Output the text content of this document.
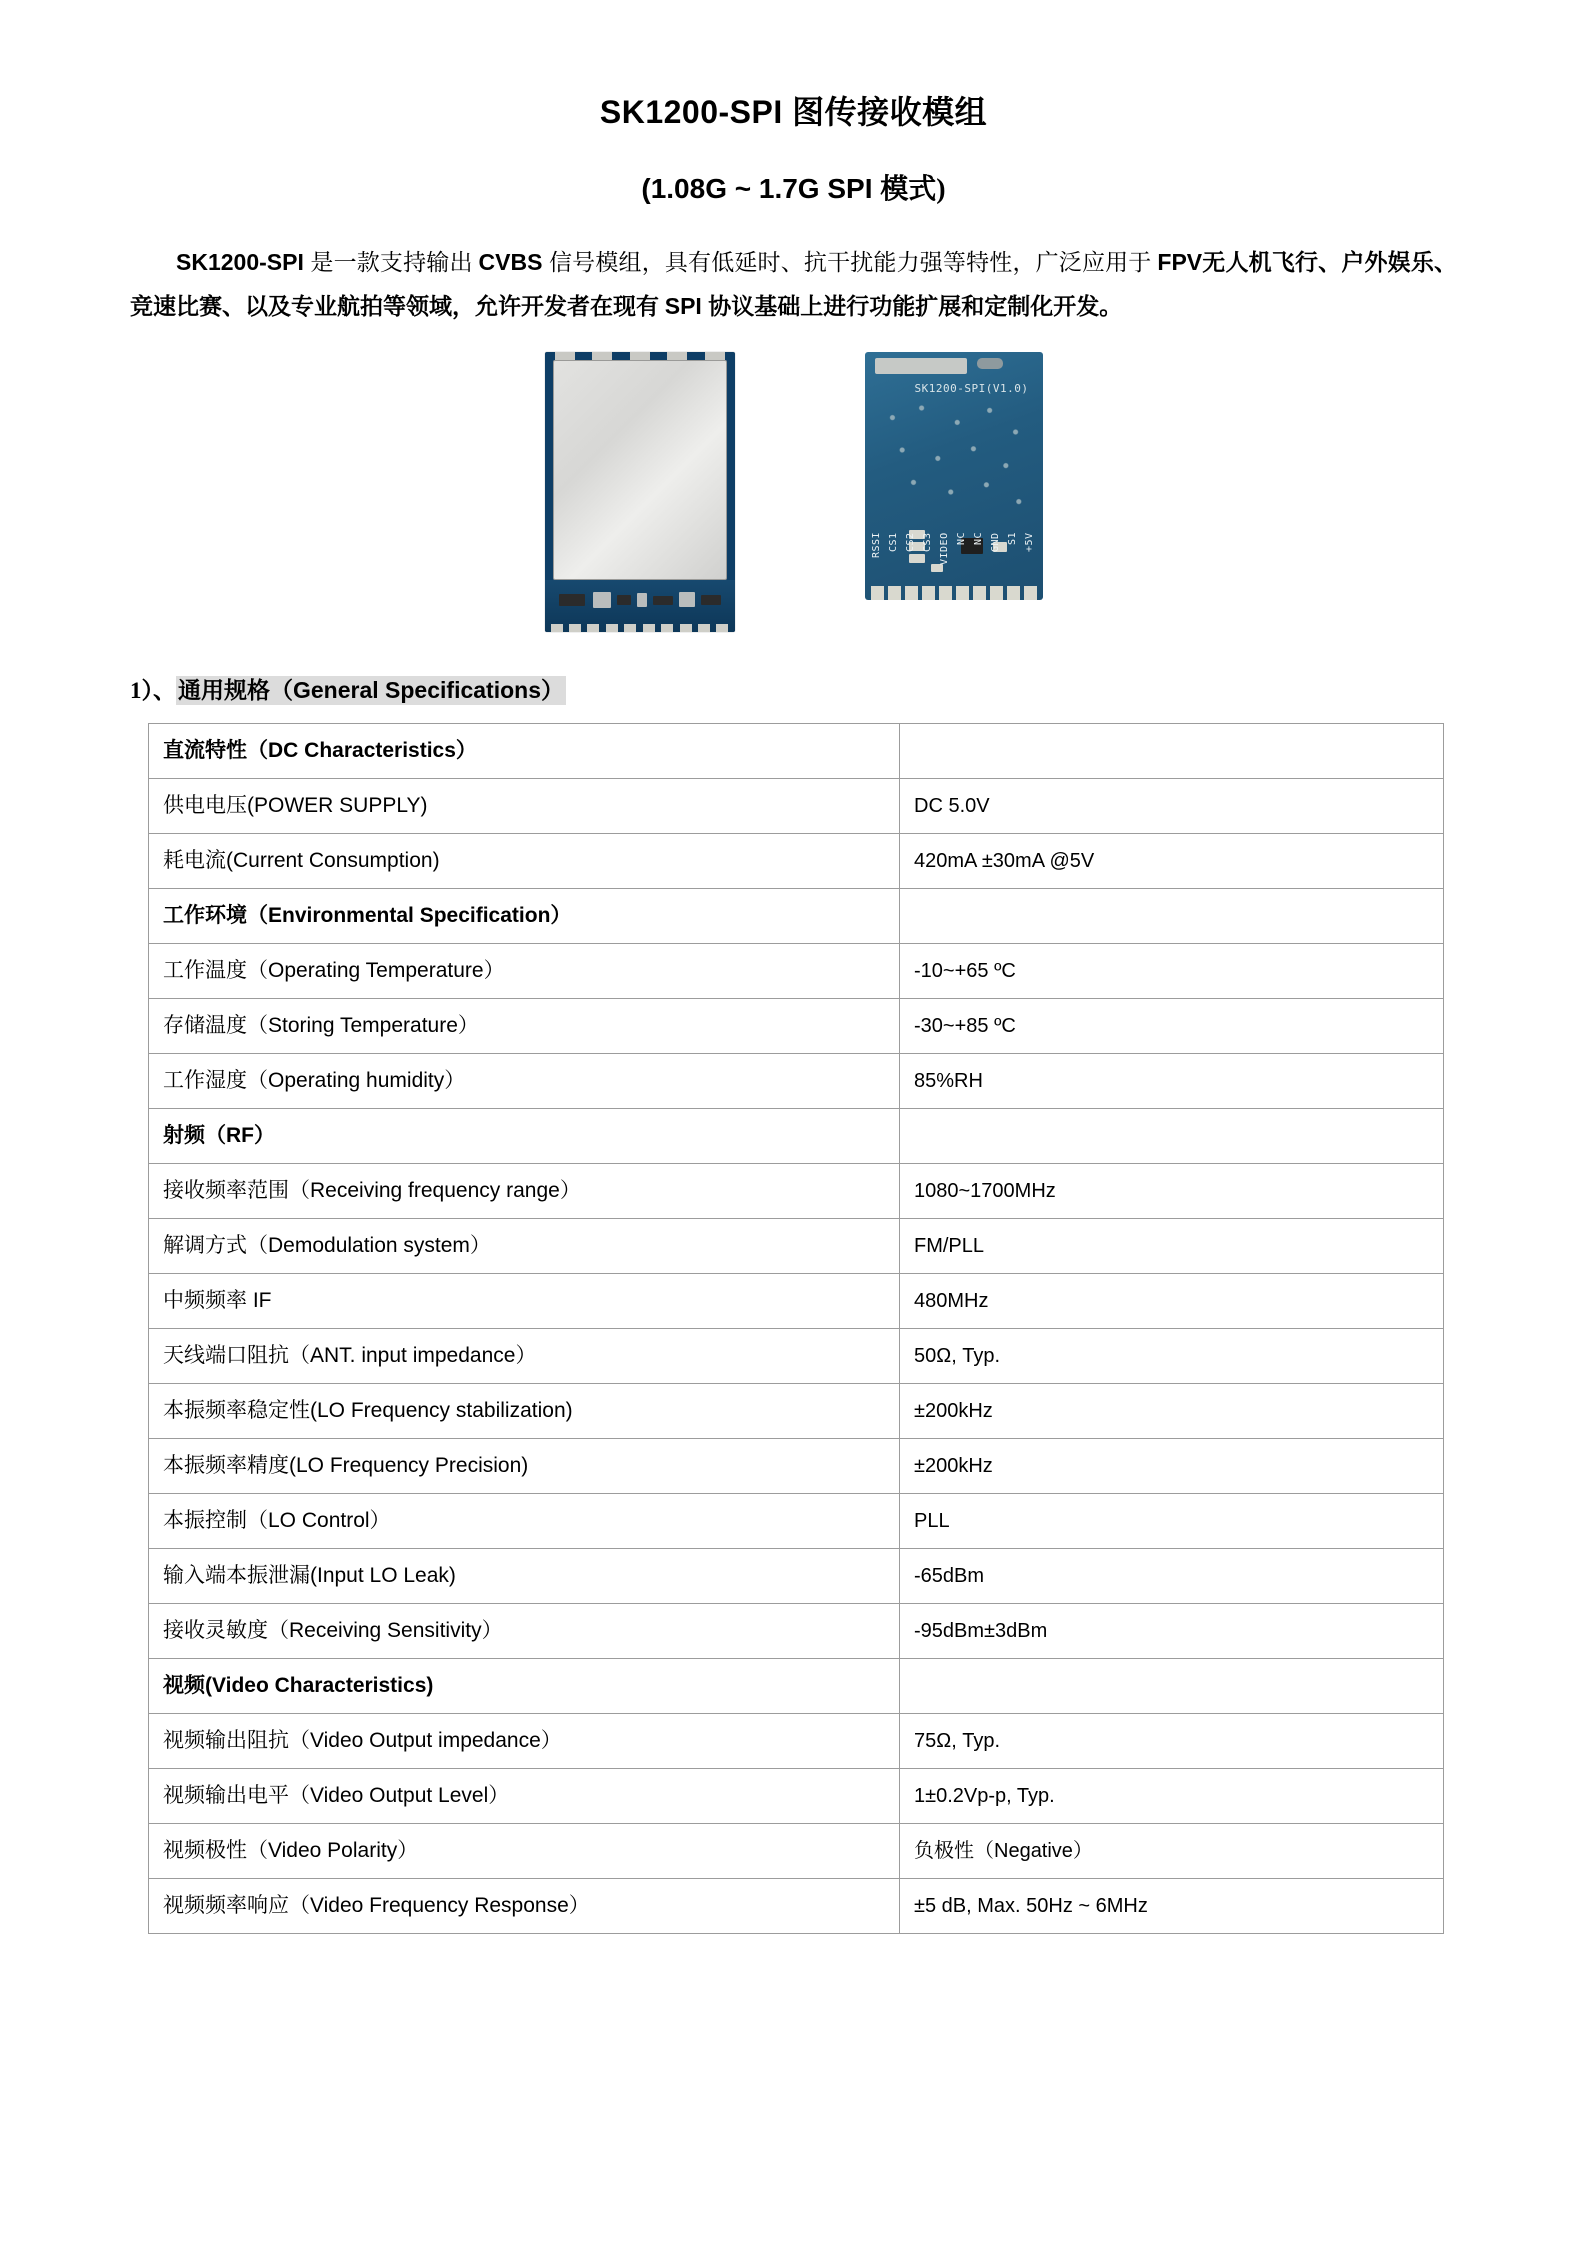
SK1200-SPI 图传接收模组
(1.08G ~ 1.7G SPI 模式)

SK1200-SPI 是一款支持输出 CVBS 信号模组，具有低延时、抗干扰能力强等特性，广泛应用于 FPV无人机飞行、户外娱乐、竞速比赛、以及专业航拍等领域，允许开发者在现有 SPI 协议基础上进行功能扩展和定制化开发。

SK1200-SPI(V1.0)
RSSI CS1 CS2 CS3 VIDEO NC NC GND S1 +5V
1）、通用规格（General Specifications）
直流特性（DC Characteristics）	
供电电压(POWER SUPPLY)	DC 5.0V
耗电流(Current Consumption)	420mA ±30mA @5V
工作环境（Environmental Specification）	
工作温度（Operating Temperature）	-10~+65 ºC
存储温度（Storing Temperature）	-30~+85 ºC
工作湿度（Operating humidity）	85%RH
射频（RF）	
接收频率范围（Receiving frequency range）	1080~1700MHz
解调方式（Demodulation system）	FM/PLL
中频频率 IF	480MHz
天线端口阻抗（ANT. input impedance）	50Ω, Typ.
本振频率稳定性(LO Frequency stabilization)	±200kHz
本振频率精度(LO Frequency Precision)	±200kHz
本振控制（LO Control）	PLL
输入端本振泄漏(Input LO Leak)	-65dBm
接收灵敏度（Receiving Sensitivity）	-95dBm±3dBm
视频(Video Characteristics)	
视频输出阻抗（Video Output impedance）	75Ω, Typ.
视频输出电平（Video Output Level）	1±0.2Vp-p, Typ.
视频极性（Video Polarity）	负极性（Negative）
视频频率响应（Video Frequency Response）	±5 dB, Max. 50Hz ~ 6MHz
